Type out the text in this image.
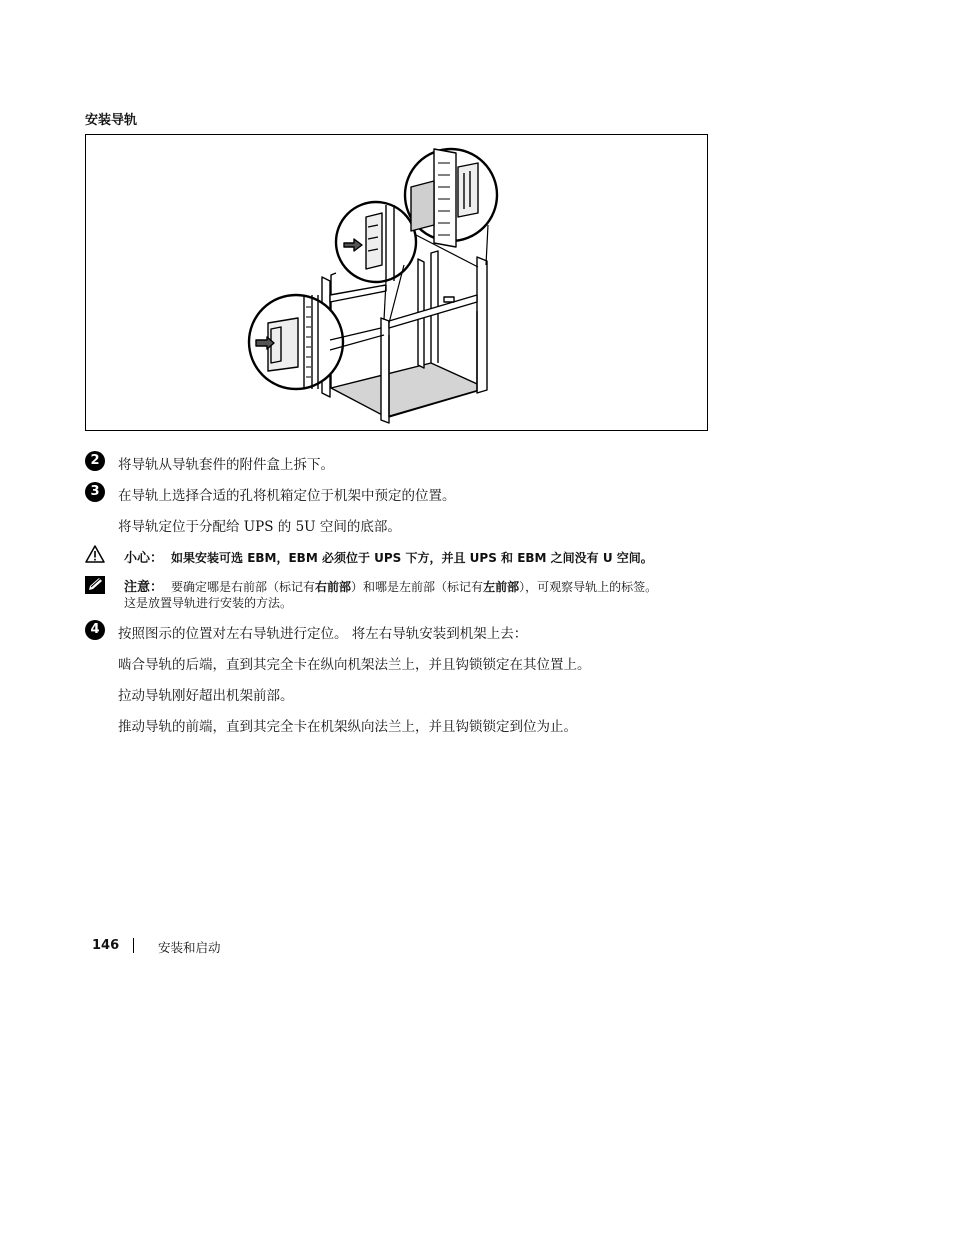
安装导轨
2	将导轨从导轨套件的附件盒上拆下。
3	在导轨上选择合适的孔将机箱定位于机架中预定的位置。
将导轨定位于分配给 UPS 的 5U 空间的底部。
小心： 如果安装可选 EBM，EBM 必须位于 UPS 下方，并且 UPS 和 EBM 之间没有 U 空间。
注意： 要确定哪是右前部（标记有右前部）和哪是左前部（标记有左前部），可观察导轨上的标签。
这是放置导轨进行安装的方法。
4	按照图示的位置对左右导轨进行定位。 将左右导轨安装到机架上去：
啮合导轨的后端，直到其完全卡在纵向机架法兰上，并且钩锁锁定在其位置上。
拉动导轨刚好超出机架前部。
推动导轨的前端，直到其完全卡在机架纵向法兰上，并且钩锁锁定到位为止。
146	安装和启动
